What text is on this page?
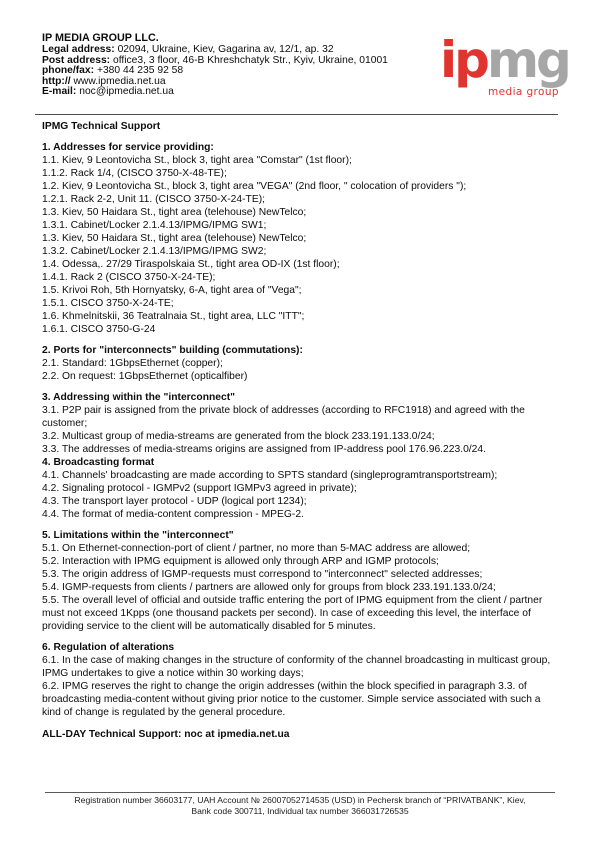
IP MEDIA GROUP LLC.
Legal address: 02094, Ukraine, Kiev, Gagarina av, 12/1, ap. 32
Post address: office3, 3 floor, 46-B Khreshchatyk Str., Kyiv, Ukraine, 01001
phone/fax: +380 44 235 92 58
http:// www.ipmedia.net.ua
E-mail: noc@ipmedia.net.ua
IPMG Technical Support
1. Addresses for service providing:
1.1. Kiev, 9 Leontovicha St., block 3, tight area "Comstar" (1st floor);
1.1.2. Rack 1/4, (CISCO 3750-X-48-TE);
1.2. Kiev, 9 Leontovicha St., block 3, tight area "VEGA" (2nd floor, " colocation of providers ");
1.2.1. Rack 2-2, Unit 11. (CISCO 3750-X-24-TE);
1.3. Kiev, 50 Haidara St., tight area (telehouse) NewTelco;
1.3.1. Cabinet/Locker 2.1.4.13/IPMG/IPMG SW1;
1.3. Kiev, 50 Haidara St., tight area (telehouse) NewTelco;
1.3.2. Cabinet/Locker 2.1.4.13/IPMG/IPMG SW2;
1.4. Odessa,. 27/29 Tiraspolskaia St., tight area OD-IX (1st floor);
1.4.1. Rack 2 (CISCO 3750-X-24-TE);
1.5. Krivoi Roh, 5th Hornyatsky, 6-A, tight area of "Vega";
1.5.1. CISCO 3750-X-24-TE;
1.6. Khmelnitskii, 36 Teatralnaia St., tight area, LLC "ITT";
1.6.1. CISCO 3750-G-24
2. Ports for "interconnects" building (commutations):
2.1. Standard: 1GbpsEthernet (copper);
2.2. On request: 1GbpsEthernet (opticalfiber)
3. Addressing within the "interconnect"
3.1. P2P pair is assigned from the private block of addresses (according to RFC1918) and agreed with the customer;
3.2. Multicast group of media-streams are generated from the block 233.191.133.0/24;
3.3. The addresses of media-streams origins are assigned from IP-address pool 176.96.223.0/24.
4. Broadcasting format
4.1. Channels' broadcasting are made according to SPTS standard (singleprogramtransportstream);
4.2. Signaling protocol - IGMPv2 (support IGMPv3 agreed in private);
4.3. The transport layer protocol - UDP (logical port 1234);
4.4. The format of media-content compression - MPEG-2.
5. Limitations within the "interconnect"
5.1. On Ethernet-connection-port of client / partner, no more than 5-MAC address are allowed;
5.2. Interaction with IPMG equipment is allowed only through ARP and IGMP protocols;
5.3. The origin address of IGMP-requests must correspond to "interconnect" selected addresses;
5.4. IGMP-requests from clients / partners are allowed only for groups from block 233.191.133.0/24;
5.5. The overall level of official and outside traffic entering the port of IPMG equipment from the client / partner must not exceed 1Kpps (one thousand packets per second). In case of exceeding this level, the interface of providing service to the client will be automatically disabled for 5 minutes.
6. Regulation of alterations
6.1. In the case of making changes in the structure of conformity of the channel broadcasting in multicast group, IPMG undertakes to give a notice within 30 working days;
6.2. IPMG reserves the right to change the origin addresses (within the block specified in paragraph 3.3. of broadcasting media-content without giving prior notice to the customer. Simple service associated with such a kind of change is regulated by the general procedure.
ALL-DAY Technical Support: noc at ipmedia.net.ua
ipmg
media group
Registration number 36603177, UAH Account № 26007052714535 (USD) in Pechersk branch of “PRIVATBANK”, Kiev,
Bank code 300711, Individual tax number 366031726535
